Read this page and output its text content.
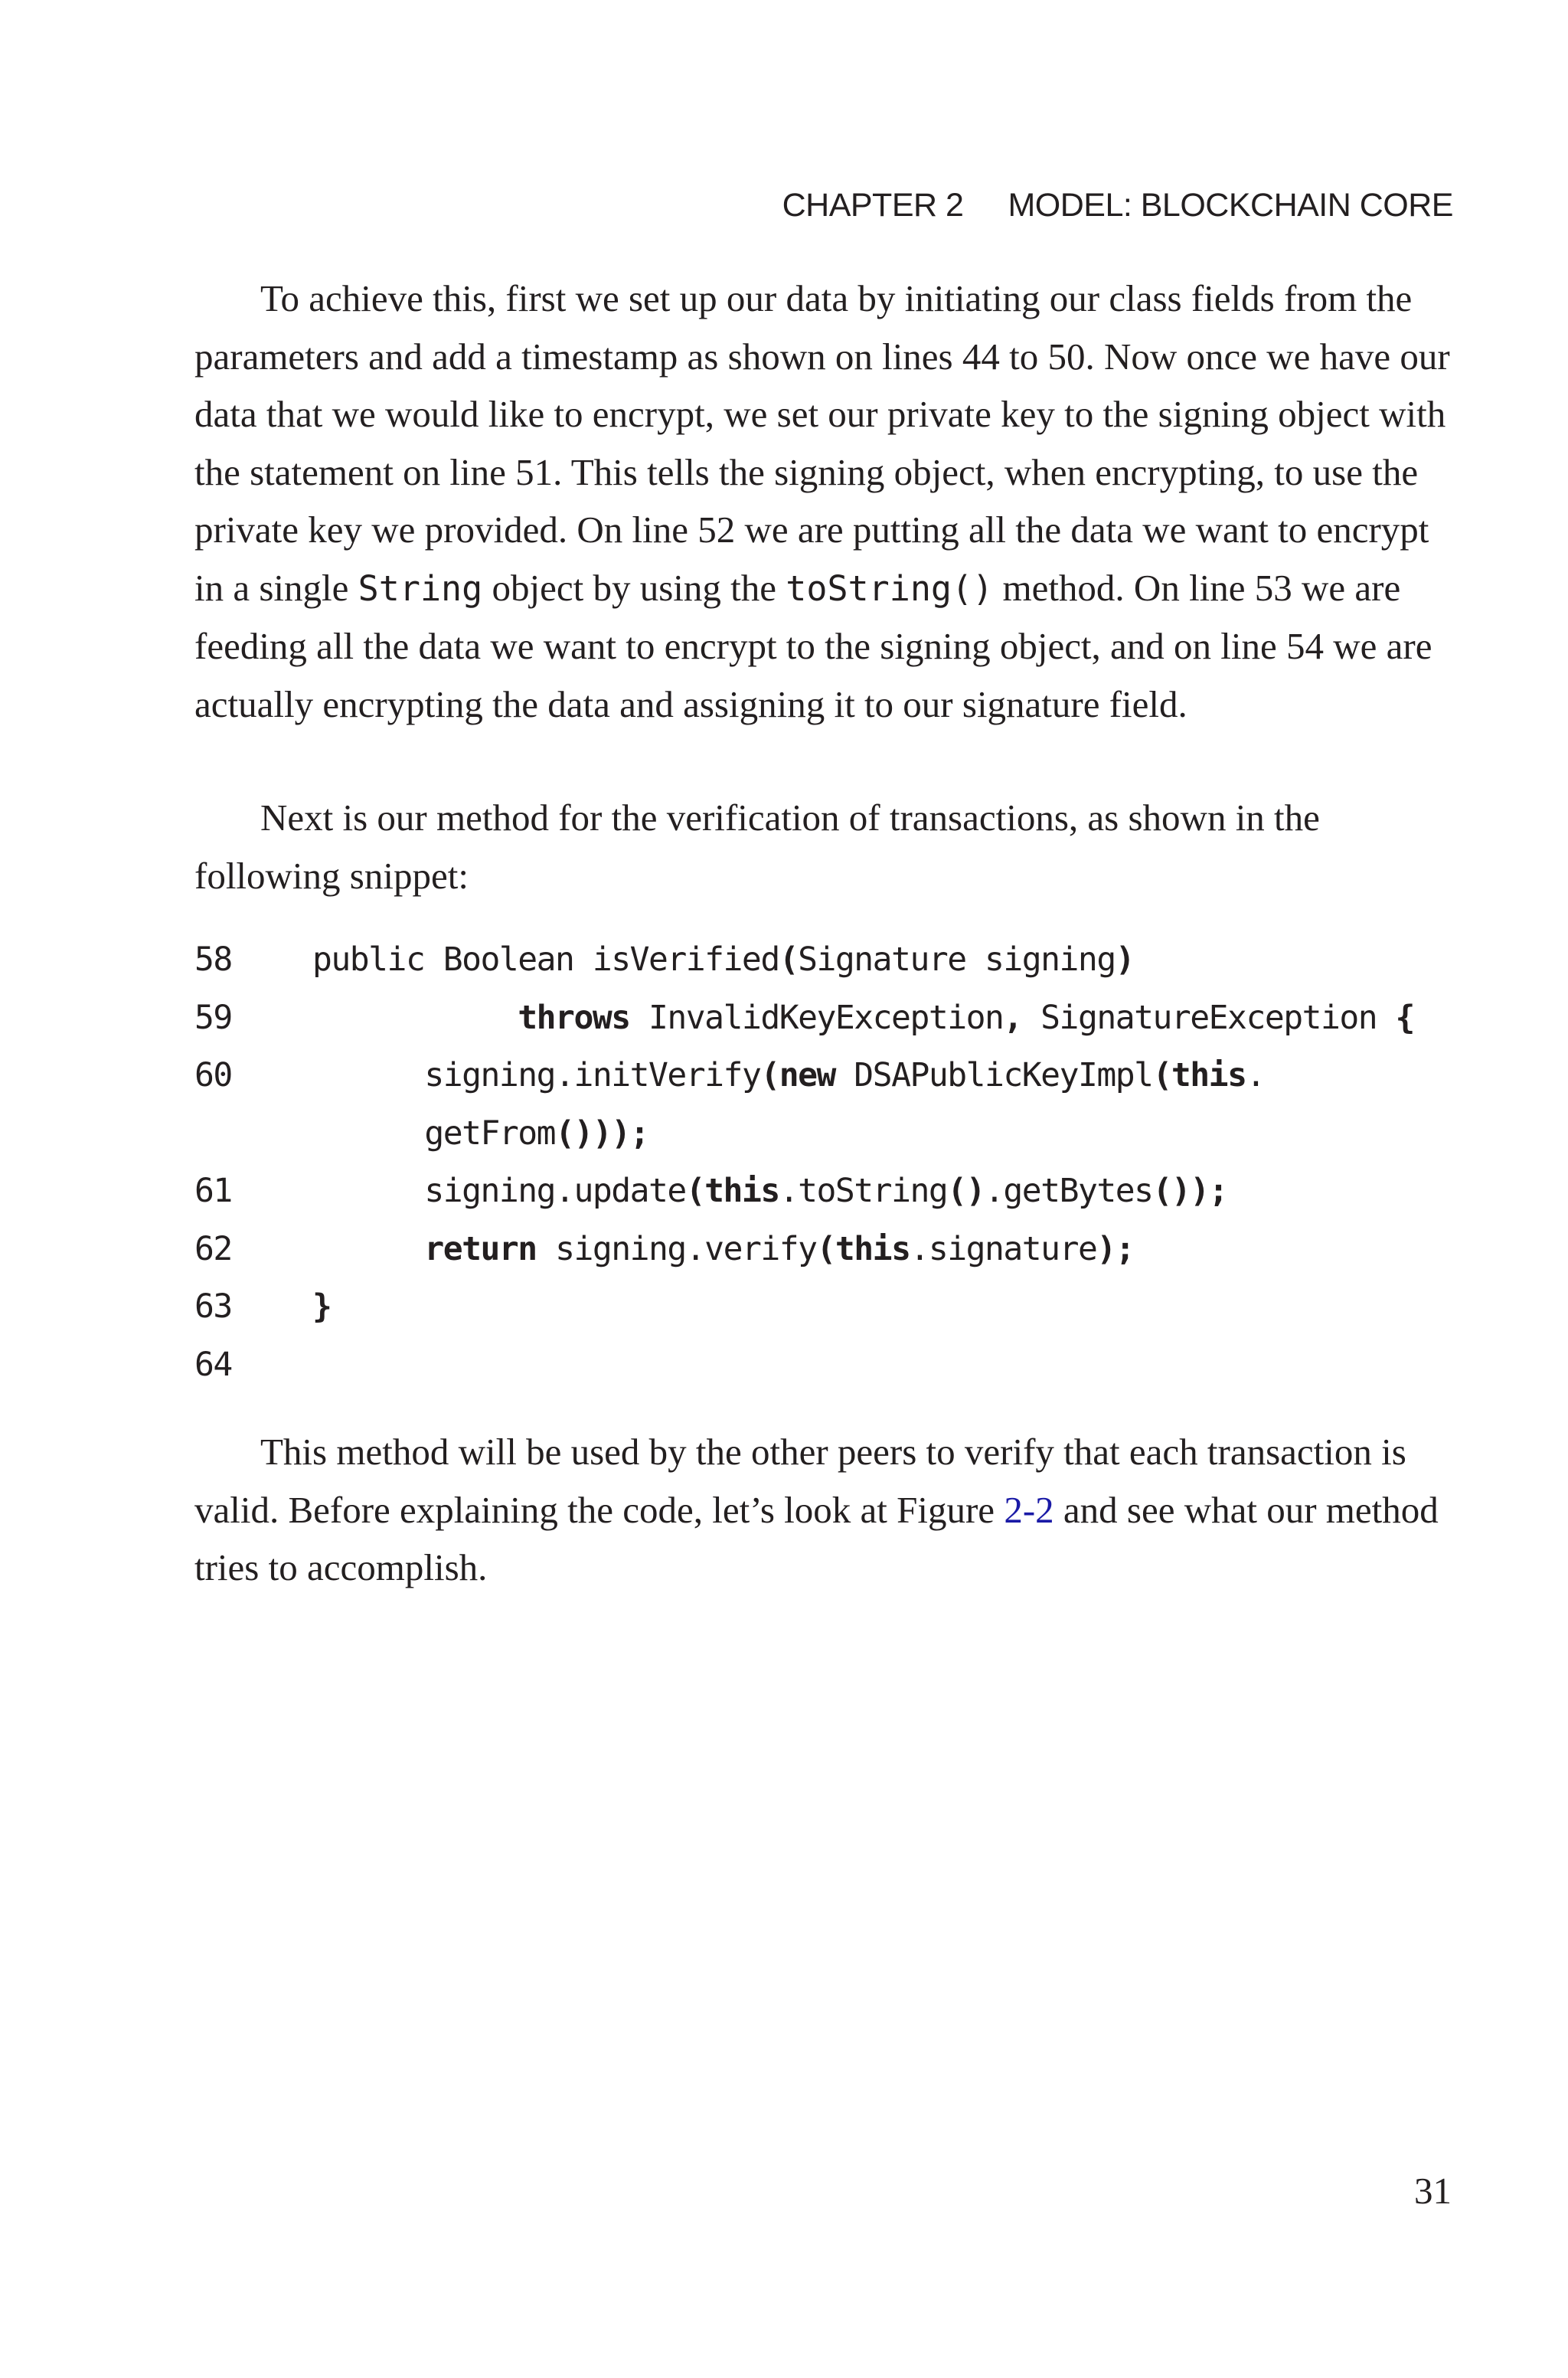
CHAPTER 2 MODEL: BLOCKCHAIN CORE

To achieve this, first we set up our data by initiating our class fields from the parameters and add a timestamp as shown on lines 44 to 50. Now once we have our data that we would like to encrypt, we set our private key to the signing object with the statement on line 51. This tells the signing object, when encrypting, to use the private key we provided. On line 52 we are putting all the data we want to encrypt in a single String object by using the toString() method. On line 53 we are feeding all the data we want to encrypt to the signing object, and on line 54 we are actually encrypting the data and assigning it to our signature field.

Next is our method for the verification of transactions, as shown in the following snippet:

58	public Boolean isVerified(Signature signing)
59	throws InvalidKeyException, SignatureException {
60	signing.initVerify(new DSAPublicKeyImpl(this.
getFrom()));
61	signing.update(this.toString().getBytes());
62	return signing.verify(this.signature);
63	}
64

This method will be used by the other peers to verify that each transaction is valid. Before explaining the code, let’s look at Figure 2-2 and see what our method tries to accomplish.

31
